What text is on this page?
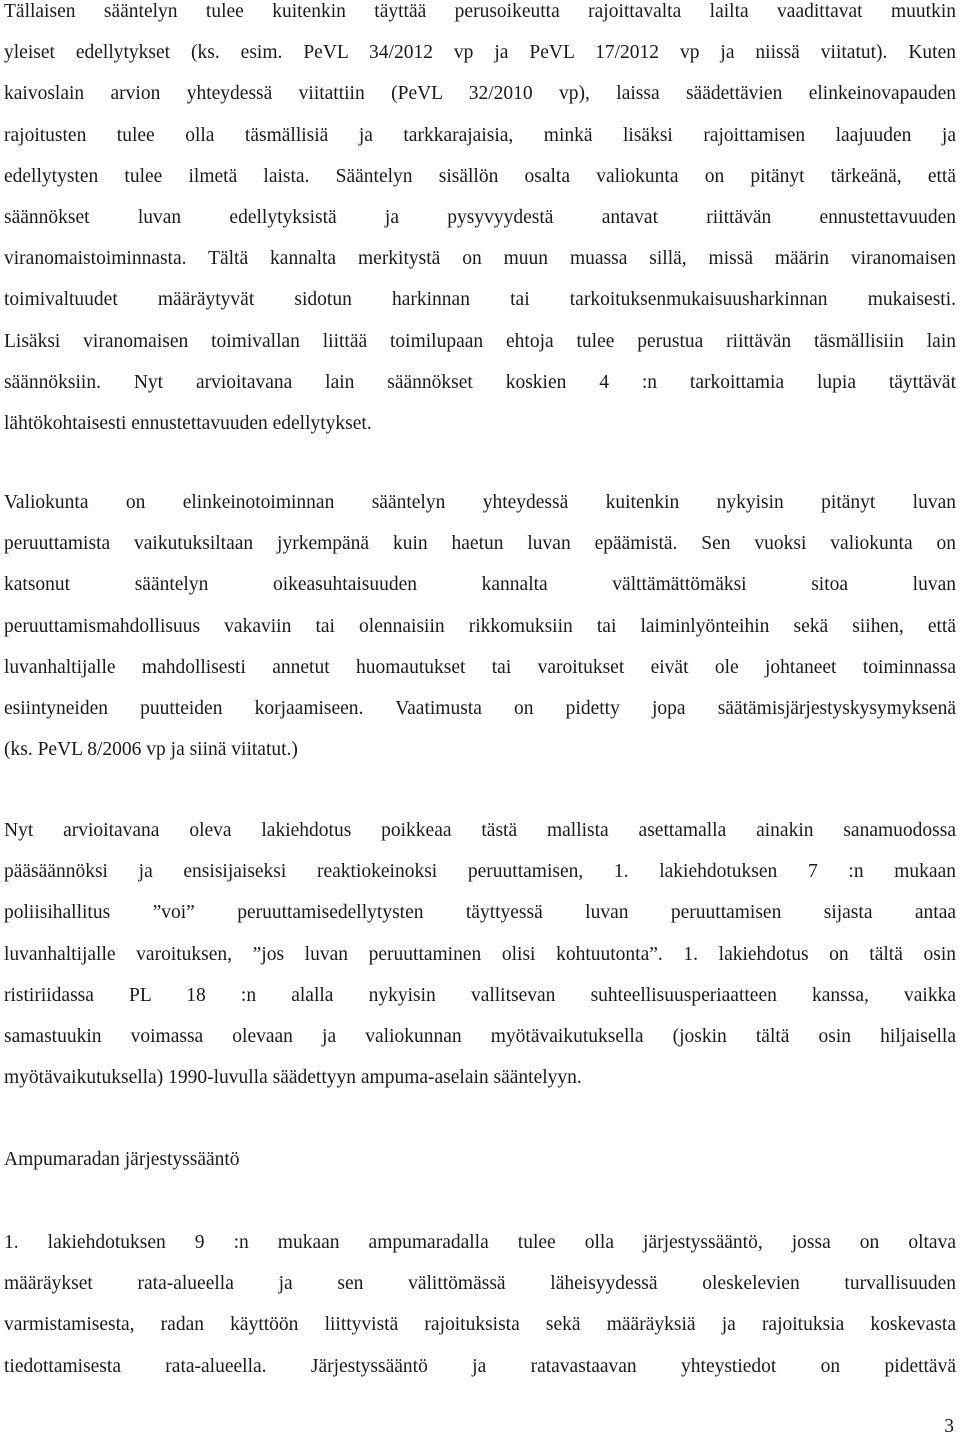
Tällaisen sääntelyn tulee kuitenkin täyttää perusoikeutta rajoittavalta lailta vaadittavat muutkin
yleiset edellytykset (ks. esim. PeVL 34/2012 vp ja PeVL 17/2012 vp ja niissä viitatut). Kuten
kaivoslain arvion yhteydessä viitattiin (PeVL 32/2010 vp), laissa säädettävien elinkeinovapauden
rajoitusten tulee olla täsmällisiä ja tarkkarajaisia, minkä lisäksi rajoittamisen laajuuden ja
edellytysten tulee ilmetä laista. Sääntelyn sisällön osalta valiokunta on pitänyt tärkeänä, että
säännökset luvan edellytyksistä ja pysyvyydestä antavat riittävän ennustettavuuden
viranomaistoiminnasta. Tältä kannalta merkitystä on muun muassa sillä, missä määrin viranomaisen
toimivaltuudet määräytyvät sidotun harkinnan tai tarkoituksenmukaisuusharkinnan mukaisesti.
Lisäksi viranomaisen toimivallan liittää toimilupaan ehtoja tulee perustua riittävän täsmällisiin lain
säännöksiin. Nyt arvioitavana lain säännökset koskien 4 :n tarkoittamia lupia täyttävät
lähtökohtaisesti ennustettavuuden edellytykset.
Valiokunta on elinkeinotoiminnan sääntelyn yhteydessä kuitenkin nykyisin pitänyt luvan
peruuttamista vaikutuksiltaan jyrkempänä kuin haetun luvan epäämistä. Sen vuoksi valiokunta on
katsonut sääntelyn oikeasuhtaisuuden kannalta välttämättömäksi sitoa luvan
peruuttamismahdollisuus vakaviin tai olennaisiin rikkomuksiin tai laiminlyönteihin sekä siihen, että
luvanhaltijalle mahdollisesti annetut huomautukset tai varoitukset eivät ole johtaneet toiminnassa
esiintyneiden puutteiden korjaamiseen. Vaatimusta on pidetty jopa säätämisjärjestyskysymyksenä
(ks. PeVL 8/2006 vp ja siinä viitatut.)
Nyt arvioitavana oleva lakiehdotus poikkeaa tästä mallista asettamalla ainakin sanamuodossa
pääsäännöksi ja ensisijaiseksi reaktiokeinoksi peruuttamisen, 1. lakiehdotuksen 7 :n mukaan
poliisihallitus ”voi” peruuttamisedellytysten täyttyessä luvan peruuttamisen sijasta antaa
luvanhaltijalle varoituksen, ”jos luvan peruuttaminen olisi kohtuutonta”. 1. lakiehdotus on tältä osin
ristiriidassa PL 18 :n alalla nykyisin vallitsevan suhteellisuusperiaatteen kanssa, vaikka
samastuukin voimassa olevaan ja valiokunnan myötävaikutuksella (joskin tältä osin hiljaisella
myötävaikutuksella) 1990-luvulla säädettyyn ampuma-aselain sääntelyyn.
Ampumaradan järjestyssääntö
1. lakiehdotuksen 9 :n mukaan ampumaradalla tulee olla järjestyssääntö, jossa on oltava
määräykset rata-alueella ja sen välittömässä läheisyydessä oleskelevien turvallisuuden
varmistamisesta, radan käyttöön liittyvistä rajoituksista sekä määräyksiä ja rajoituksia koskevasta
tiedottamisesta rata-alueella. Järjestyssääntö ja ratavastaavan yhteystiedot on pidettävä
3
